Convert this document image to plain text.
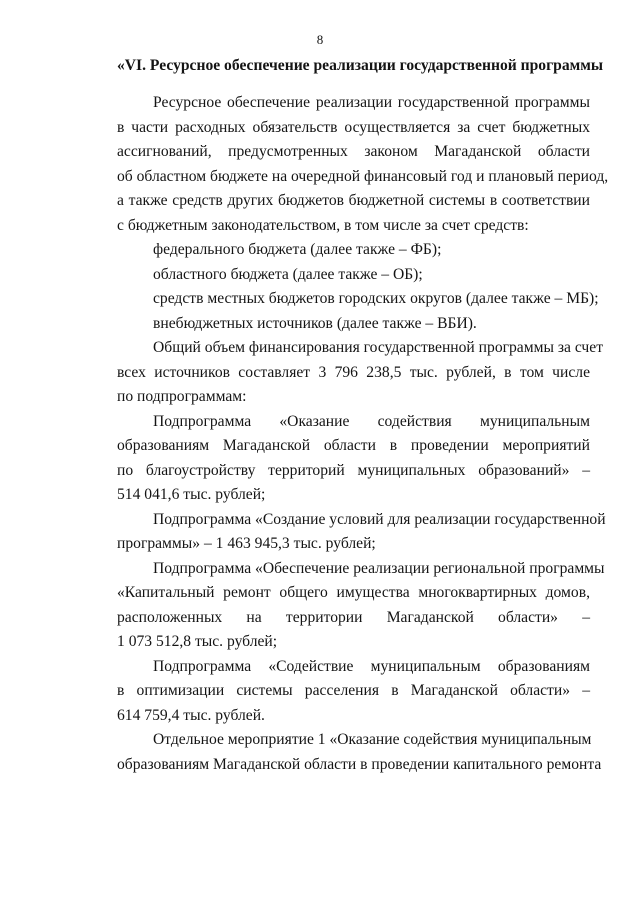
8
«VI. Ресурсное обеспечение реализации государственной программы
Ресурсное обеспечение реализации государственной программы
в части расходных обязательств осуществляется за счет бюджетных
ассигнований, предусмотренных законом Магаданской области
об областном бюджете на очередной финансовый год и плановый период,
а также средств других бюджетов бюджетной системы в соответствии
с бюджетным законодательством, в том числе за счет средств:
федерального бюджета (далее также – ФБ);
областного бюджета (далее также – ОБ);
средств местных бюджетов городских округов (далее также – МБ);
внебюджетных источников (далее также – ВБИ).
Общий объем финансирования государственной программы за счет
всех источников составляет 3 796 238,5 тыс. рублей, в том числе
по подпрограммам:
Подпрограмма «Оказание содействия муниципальным
образованиям Магаданской области в проведении мероприятий
по благоустройству территорий муниципальных образований» –
514 041,6 тыс. рублей;
Подпрограмма «Создание условий для реализации государственной
программы» – 1 463 945,3 тыс. рублей;
Подпрограмма «Обеспечение реализации региональной программы
«Капитальный ремонт общего имущества многоквартирных домов,
расположенных на территории Магаданской области» –
1 073 512,8 тыс. рублей;
Подпрограмма «Содействие муниципальным образованиям
в оптимизации системы расселения в Магаданской области» –
614 759,4 тыс. рублей.
Отдельное мероприятие 1 «Оказание содействия муниципальным
образованиям Магаданской области в проведении капитального ремонта
